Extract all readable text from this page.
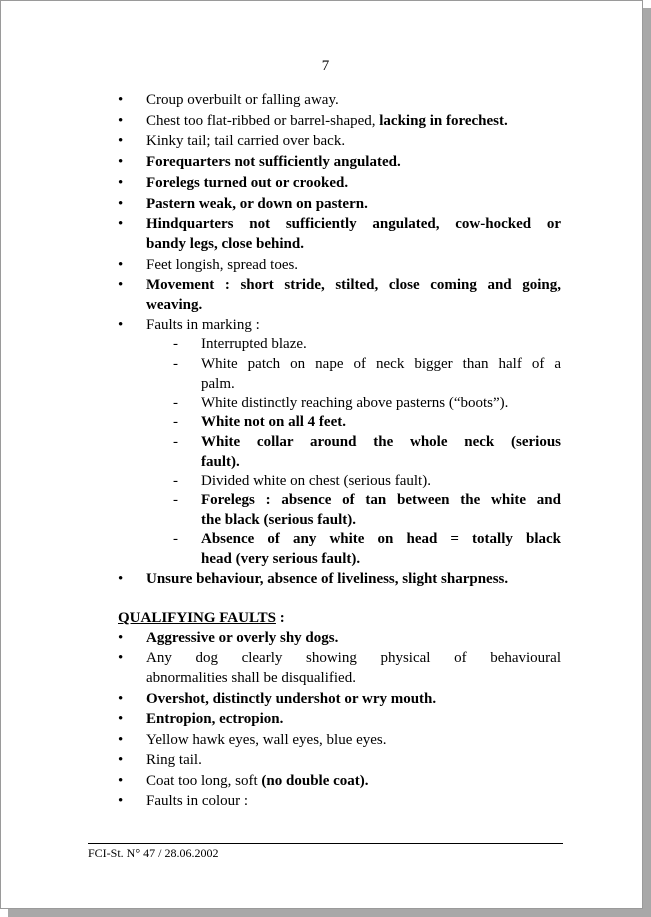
7
• Croup overbuilt or falling away.
• Chest too flat-ribbed or barrel-shaped, lacking in forechest.
• Kinky tail; tail carried over back.
• Forequarters not sufficiently angulated.
• Forelegs turned out or crooked.
• Pastern weak, or down on pastern.
• Hindquarters not sufficiently angulated, cow-hocked or
bandy legs, close behind.
• Feet longish, spread toes.
• Movement : short stride, stilted, close coming and going,
weaving.
• Faults in marking :
- Interrupted blaze.
- White patch on nape of neck bigger than half of a
palm.
- White distinctly reaching above pasterns (“boots”).
- White not on all 4 feet.
- White collar around the whole neck (serious
fault).
- Divided white on chest (serious fault).
- Forelegs : absence of tan between the white and
the black (serious fault).
- Absence of any white on head = totally black
head (very serious fault).
• Unsure behaviour, absence of liveliness, slight sharpness.
QUALIFYING FAULTS :
• Aggressive or overly shy dogs.
• Any dog clearly showing physical of behavioural
abnormalities shall be disqualified.
• Overshot, distinctly undershot or wry mouth.
• Entropion, ectropion.
• Yellow hawk eyes, wall eyes, blue eyes.
• Ring tail.
• Coat too long, soft (no double coat).
• Faults in colour :
FCI-St. N° 47 / 28.06.2002
